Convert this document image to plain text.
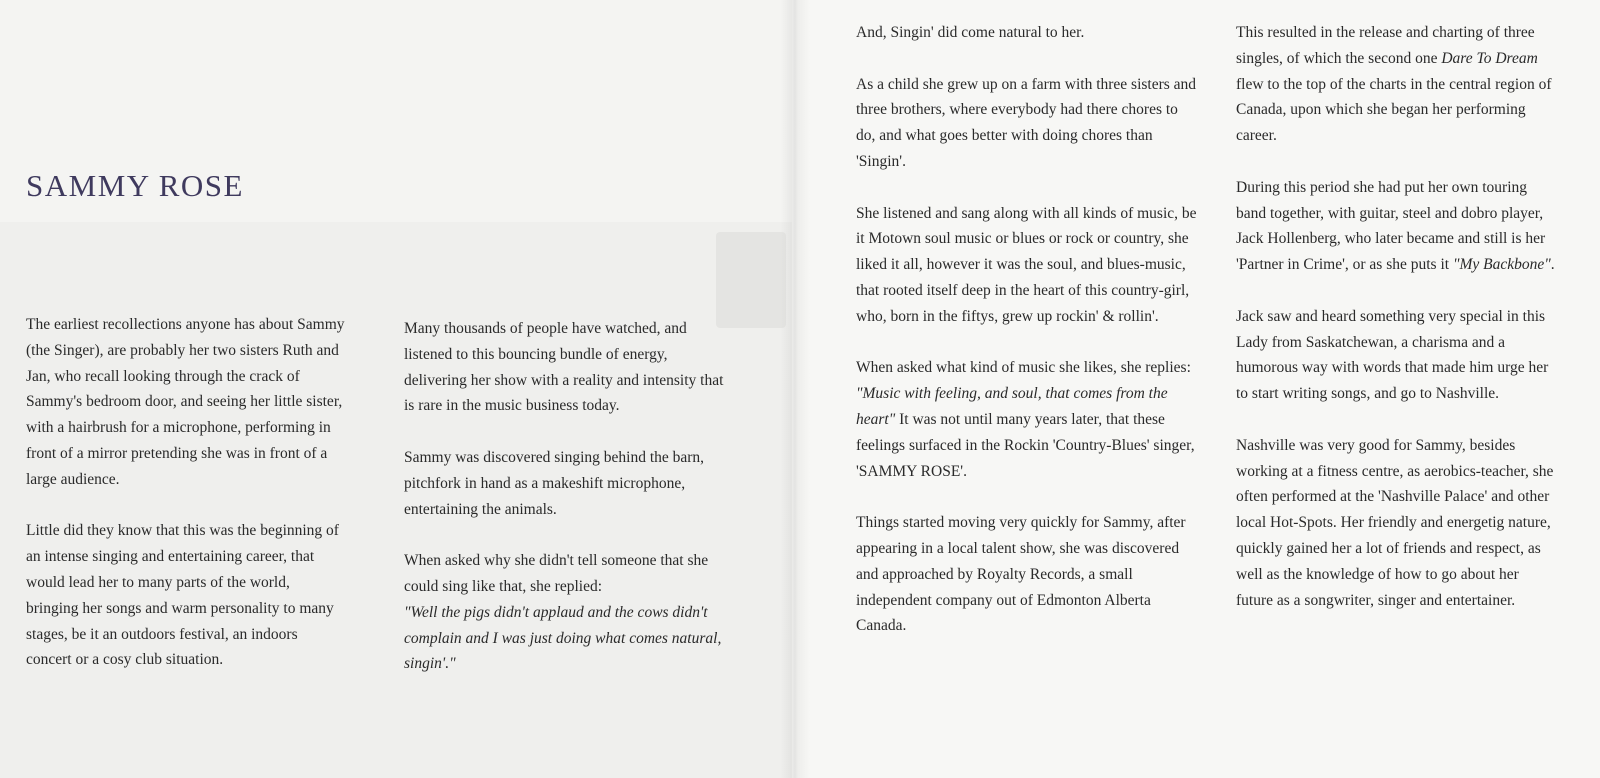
SAMMY ROSE

The earliest recollections anyone has about Sammy (the Singer), are probably her two sisters Ruth and Jan, who recall looking through the crack of Sammy's bedroom door, and seeing her little sister, with a hairbrush for a microphone, performing in front of a mirror pretending she was in front of a large audience.

Little did they know that this was the beginning of an intense singing and entertaining career, that would lead her to many parts of the world, bringing her songs and warm personality to many stages, be it an outdoors festival, an indoors concert or a cosy club situation.

Many thousands of people have watched, and listened to this bouncing bundle of energy, delivering her show with a reality and intensity that is rare in the music business today.

Sammy was discovered singing behind the barn, pitchfork in hand as a makeshift microphone, entertaining the animals.

When asked why she didn't tell someone that she could sing like that, she replied:
"Well the pigs didn't applaud and the cows didn't complain and I was just doing what comes natural, singin'."

And, Singin' did come natural to her.

As a child she grew up on a farm with three sisters and three brothers, where everybody had there chores to do, and what goes better with doing chores than 'Singin'.

She listened and sang along with all kinds of music, be it Motown soul music or blues or rock or country, she liked it all, however it was the soul, and blues-music, that rooted itself deep in the heart of this country-girl, who, born in the fiftys, grew up rockin' & rollin'.

When asked what kind of music she likes, she replies: "Music with feeling, and soul, that comes from the heart" It was not until many years later, that these feelings surfaced in the Rockin 'Country-Blues' singer, 'SAMMY ROSE'.

Things started moving very quickly for Sammy, after appearing in a local talent show, she was discovered and approached by Royalty Records, a small independent company out of Edmonton Alberta Canada.

This resulted in the release and charting of three singles, of which the second one Dare To Dream flew to the top of the charts in the central region of Canada, upon which she began her performing career.

During this period she had put her own touring band together, with guitar, steel and dobro player, Jack Hollenberg, who later became and still is her 'Partner in Crime', or as she puts it "My Backbone".

Jack saw and heard something very special in this Lady from Saskatchewan, a charisma and a humorous way with words that made him urge her to start writing songs, and go to Nashville.

Nashville was very good for Sammy, besides working at a fitness centre, as aerobics-teacher, she often performed at the 'Nashville Palace' and other local Hot-Spots. Her friendly and energetig nature, quickly gained her a lot of friends and respect, as well as the knowledge of how to go about her future as a songwriter, singer and entertainer.
